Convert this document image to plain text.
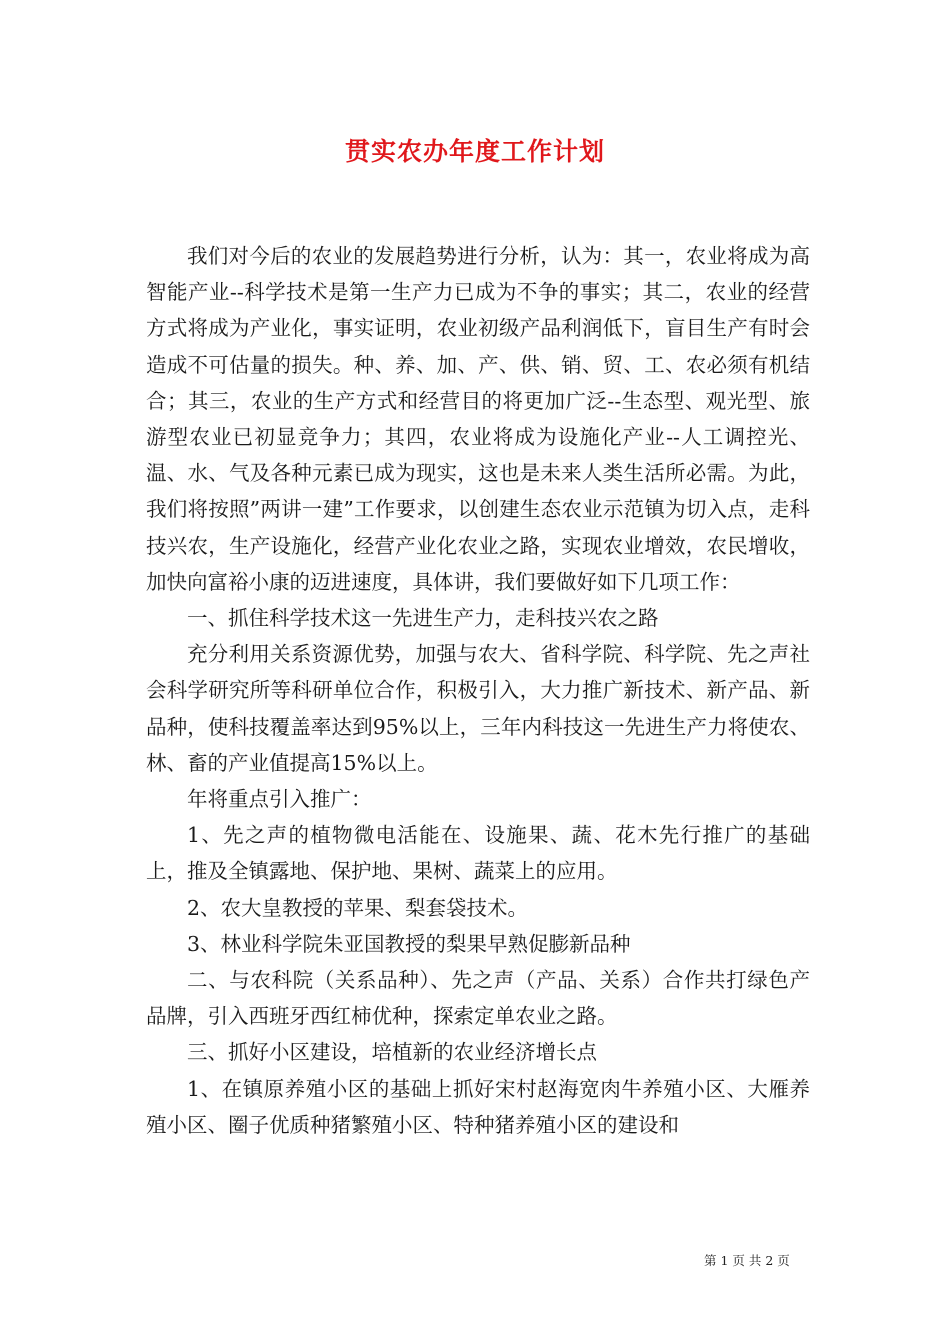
贯实农办年度工作计划

我们对今后的农业的发展趋势进行分析，认为：其一，农业将成为高智能产业--科学技术是第一生产力已成为不争的事实；其二，农业的经营方式将成为产业化，事实证明，农业初级产品利润低下，盲目生产有时会造成不可估量的损失。种、养、加、产、供、销、贸、工、农必须有机结合；其三，农业的生产方式和经营目的将更加广泛--生态型、观光型、旅游型农业已初显竞争力；其四，农业将成为设施化产业--人工调控光、温、水、气及各种元素已成为现实，这也是未来人类生活所必需。为此，我们将按照”两讲一建”工作要求，以创建生态农业示范镇为切入点，走科技兴农，生产设施化，经营产业化农业之路，实现农业增效，农民增收，加快向富裕小康的迈进速度，具体讲，我们要做好如下几项工作：

一、抓住科学技术这一先进生产力，走科技兴农之路

充分利用关系资源优势，加强与农大、省科学院、科学院、先之声社会科学研究所等科研单位合作，积极引入，大力推广新技术、新产品、新品种，使科技覆盖率达到95%以上，三年内科技这一先进生产力将使农、林、畜的产业值提高15%以上。

年将重点引入推广：

1、先之声的植物微电活能在、设施果、蔬、花木先行推广的基础上，推及全镇露地、保护地、果树、蔬菜上的应用。

2、农大皇教授的苹果、梨套袋技术。

3、林业科学院朱亚国教授的梨果早熟促膨新品种

二、与农科院（关系品种）、先之声（产品、关系）合作共打绿色产品牌，引入西班牙西红柿优种，探索定单农业之路。

三、抓好小区建设，培植新的农业经济增长点

1、在镇原养殖小区的基础上抓好宋村赵海宽肉牛养殖小区、大雁养殖小区、圈子优质种猪繁殖小区、特种猪养殖小区的建设和

第 1 页 共 2 页
